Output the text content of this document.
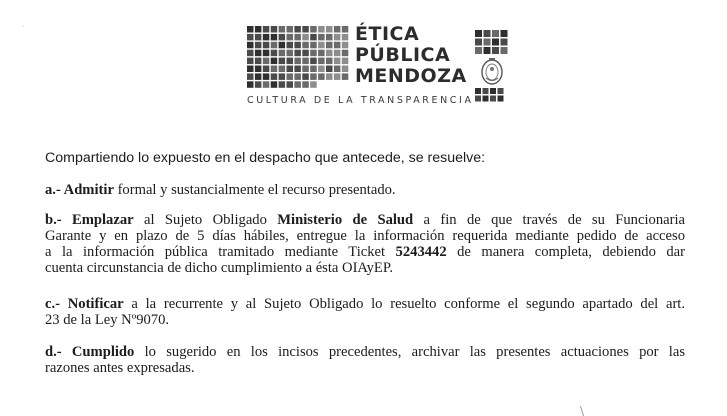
ÉTICA
PÚBLICA
MENDOZA
CULTURA DE LA TRANSPARENCIA
Compartiendo lo expuesto en el despacho que antecede, se resuelve:
a.- Admitir formal y sustancialmente el recurso presentado.
b.- Emplazar al Sujeto Obligado Ministerio de Salud a fin de que través de su Funcionaria
Garante y en plazo de 5 días hábiles, entregue la información requerida mediante pedido de acceso
a la información pública tramitado mediante Ticket 5243442 de manera completa, debiendo dar
cuenta circunstancia de dicho cumplimiento a ésta OIAyEP.
c.- Notificar a la recurrente y al Sujeto Obligado lo resuelto conforme el segundo apartado del art.
23 de la Ley Nº9070.
d.- Cumplido lo sugerido en los incisos precedentes, archivar las presentes actuaciones por las
razones antes expresadas.
·
\
